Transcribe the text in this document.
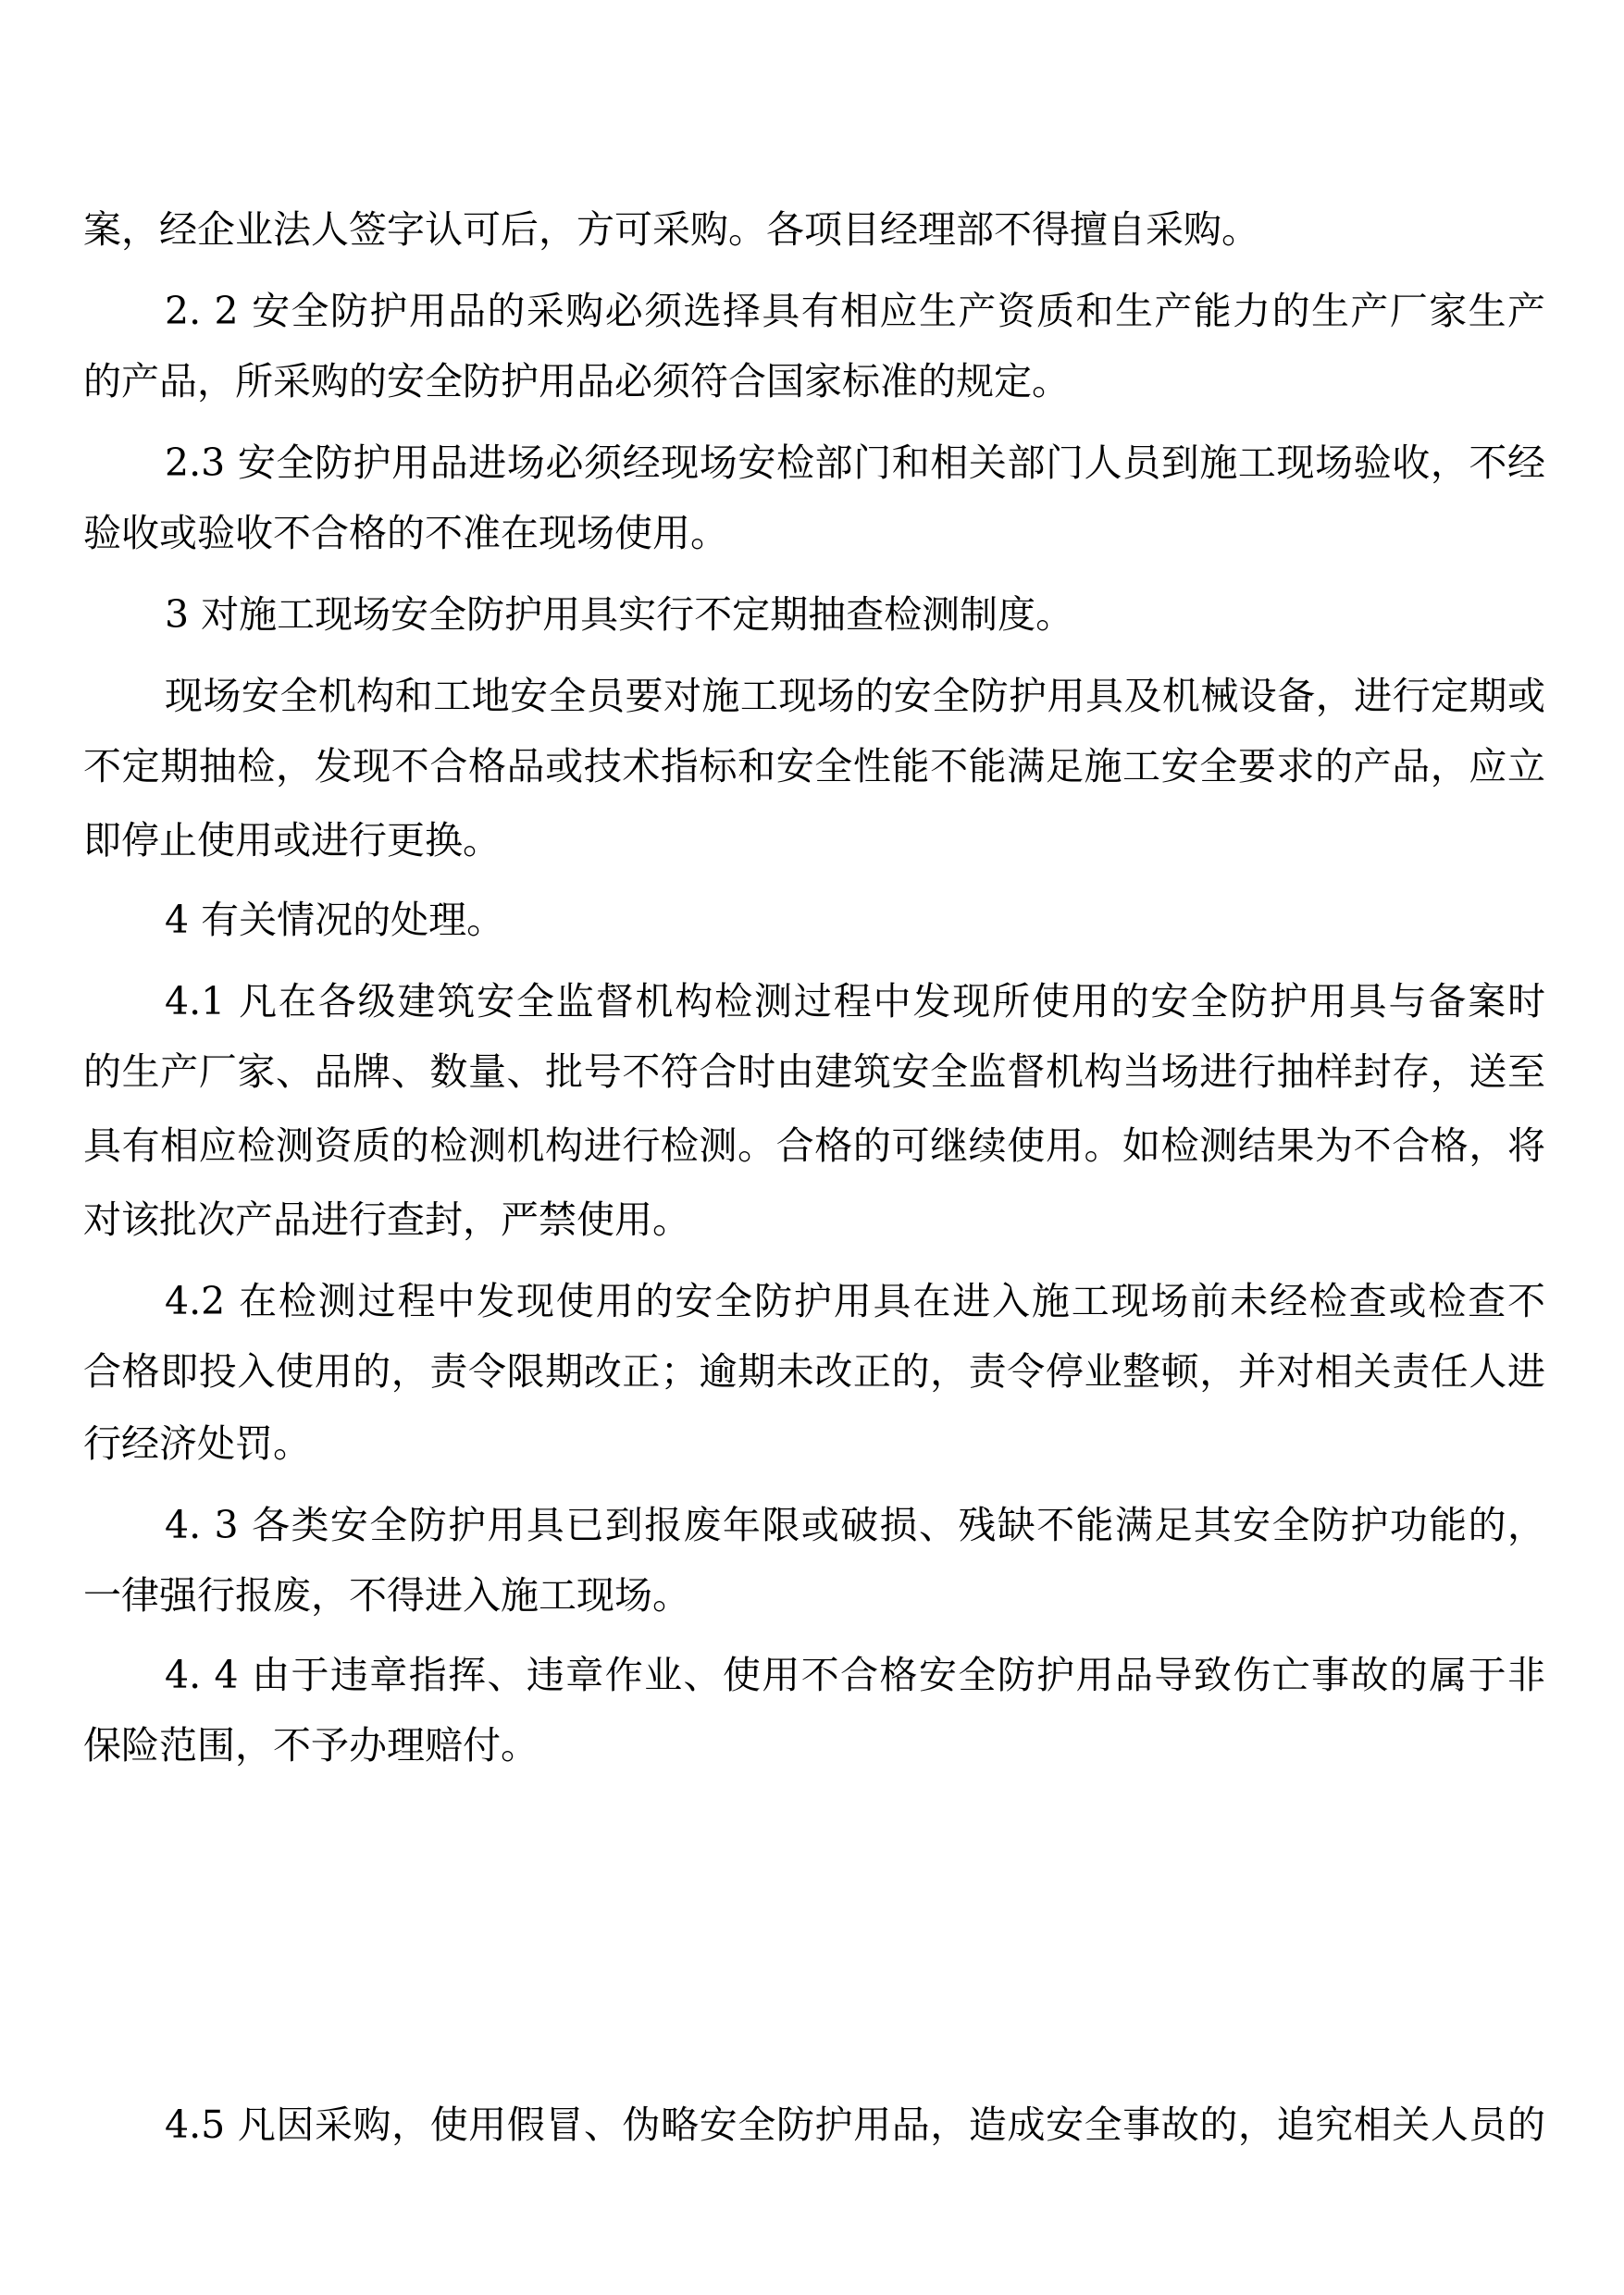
案，经企业法人签字认可后，方可采购。各项目经理部不得擅自采购。
2. 2 安全防护用品的采购必须选择具有相应生产资质和生产能力的生产厂家生产
的产品，所采购的安全防护用品必须符合国家标准的规定。
2.3 安全防护用品进场必须经现场安检部门和相关部门人员到施工现场验收，不经
验收或验收不合格的不准在现场使用。
3 对施工现场安全防护用具实行不定期抽查检测制度。
现场安全机构和工地安全员要对施工现场的安全防护用具及机械设备，进行定期或
不定期抽检，发现不合格品或技术指标和安全性能不能满足施工安全要求的产品，应立
即停止使用或进行更换。
4 有关情况的处理。
4.1 凡在各级建筑安全监督机构检测过程中发现所使用的安全防护用具与备案时
的生产厂家、品牌、数量、批号不符合时由建筑安全监督机构当场进行抽样封存，送至
具有相应检测资质的检测机构进行检测。合格的可继续使用。如检测结果为不合格，将
对该批次产品进行查封，严禁使用。
4.2 在检测过程中发现使用的安全防护用具在进入施工现场前未经检查或检查不
合格即投入使用的，责令限期改正；逾期未改正的，责令停业整顿，并对相关责任人进
行经济处罚。
4. 3 各类安全防护用具已到报废年限或破损、残缺不能满足其安全防护功能的，
一律强行报废，不得进入施工现场。
4. 4 由于违章指挥、违章作业、使用不合格安全防护用品导致伤亡事故的属于非
保险范围，不予办理赔付。
4.5 凡因采购，使用假冒、伪略安全防护用品，造成安全事故的，追究相关人员的
